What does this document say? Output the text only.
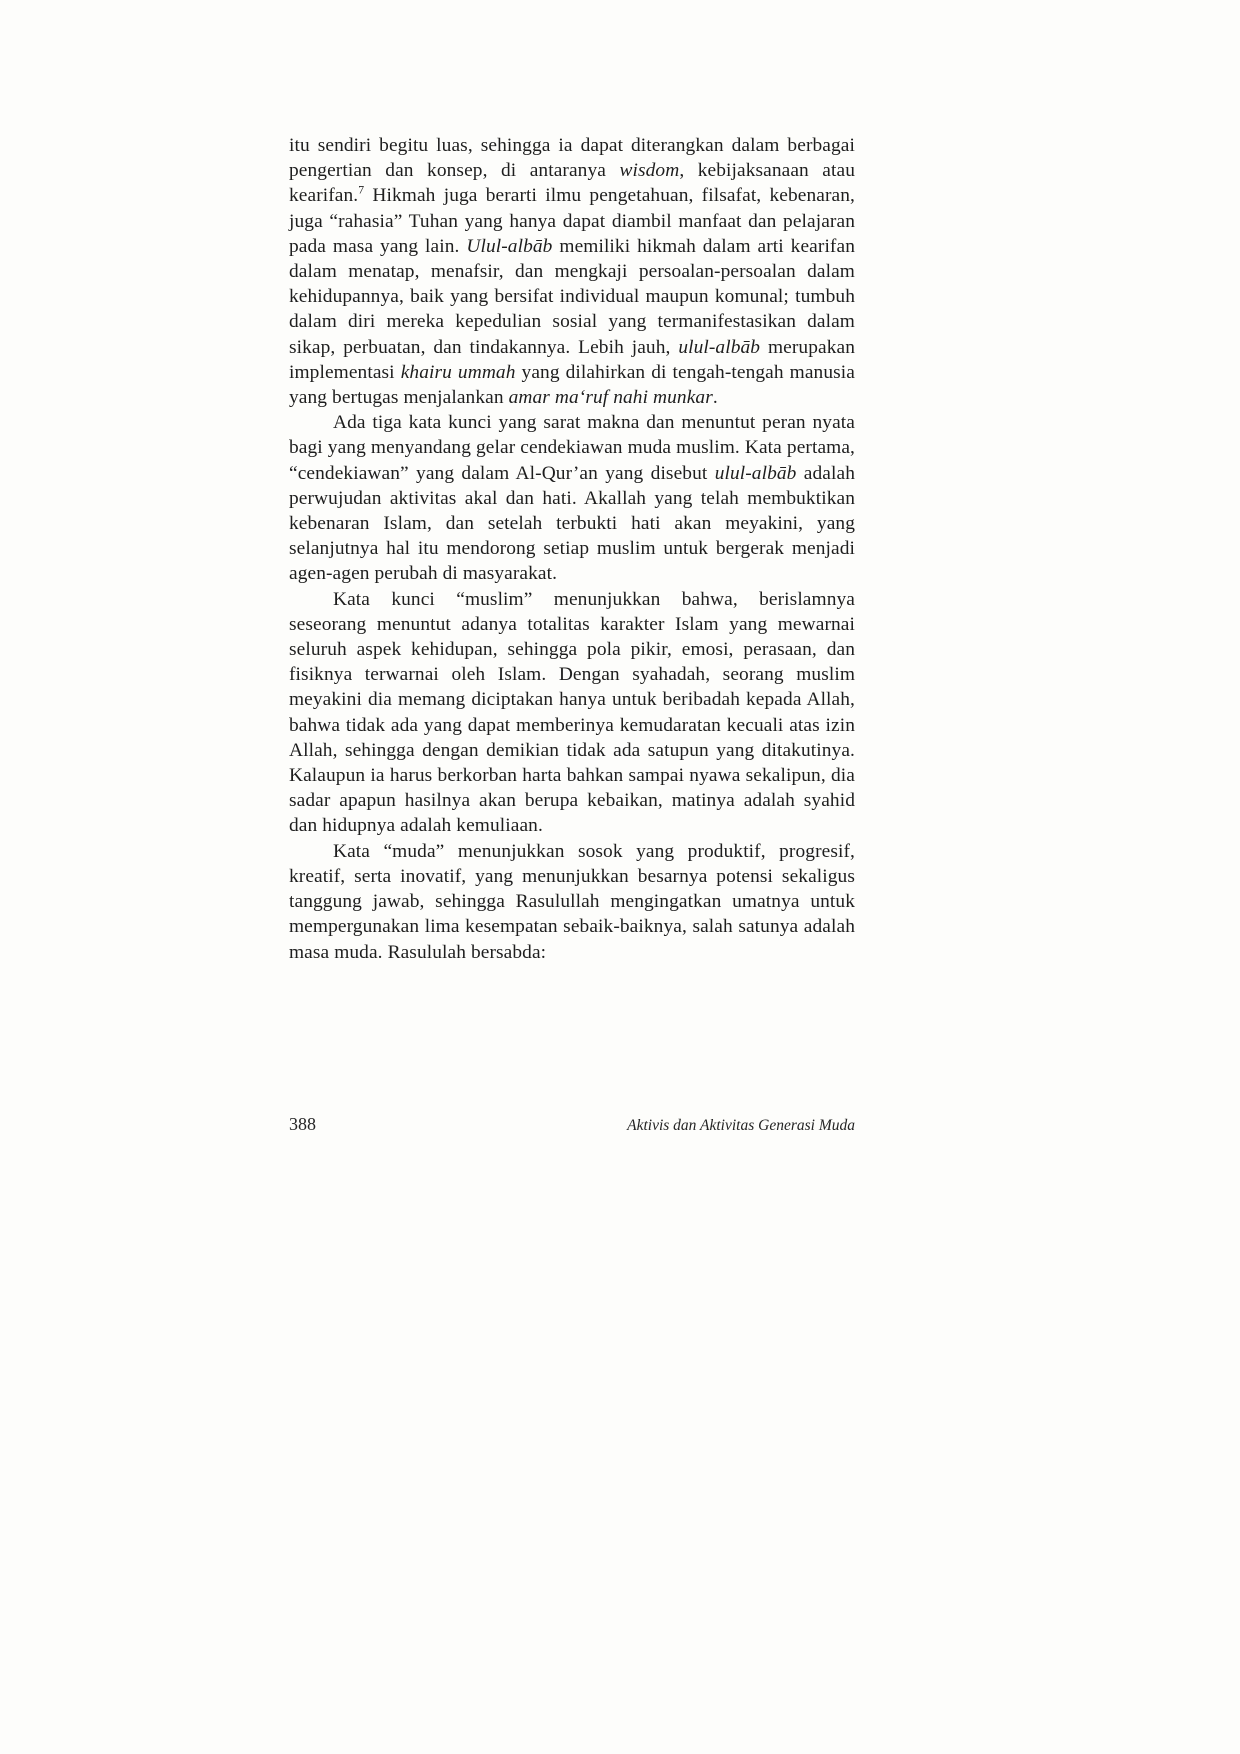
itu sendiri begitu luas, sehingga ia dapat diterangkan dalam berbagai pengertian dan konsep, di antaranya wisdom, kebijaksanaan atau kearifan.$^7$ Hikmah juga berarti ilmu pengetahuan, filsafat, kebenaran, juga “rahasia” Tuhan yang hanya dapat diambil manfaat dan pelajaran pada masa yang lain. Ulul-albāb memiliki hikmah dalam arti kearifan dalam menatap, menafsir, dan mengkaji persoalan-persoalan dalam kehidupannya, baik yang bersifat individual maupun komunal; tumbuh dalam diri mereka kepedulian sosial yang termanifestasikan dalam sikap, perbuatan, dan tindakannya. Lebih jauh, ulul-albāb merupakan implementasi khairu ummah yang dilahirkan di tengah-tengah manusia yang bertugas menjalankan amar ma‘ruf nahi munkar.

Ada tiga kata kunci yang sarat makna dan menuntut peran nyata bagi yang menyandang gelar cendekiawan muda muslim. Kata pertama, “cendekiawan” yang dalam Al-Qur’an yang disebut ulul-albāb adalah perwujudan aktivitas akal dan hati. Akallah yang telah membuktikan kebenaran Islam, dan setelah terbukti hati akan meyakini, yang selanjutnya hal itu mendorong setiap muslim untuk bergerak menjadi agen-agen perubah di masyarakat.

Kata kunci “muslim” menunjukkan bahwa, berislamnya seseorang menuntut adanya totalitas karakter Islam yang mewarnai seluruh aspek kehidupan, sehingga pola pikir, emosi, perasaan, dan fisiknya terwarnai oleh Islam. Dengan syahadah, seorang muslim meyakini dia memang diciptakan hanya untuk beribadah kepada Allah, bahwa tidak ada yang dapat memberinya kemudaratan kecuali atas izin Allah, sehingga dengan demikian tidak ada satupun yang ditakutinya. Kalaupun ia harus berkorban harta bahkan sampai nyawa sekalipun, dia sadar apapun hasilnya akan berupa kebaikan, matinya adalah syahid dan hidupnya adalah kemuliaan.

Kata “muda” menunjukkan sosok yang produktif, progresif, kreatif, serta inovatif, yang menunjukkan besarnya potensi sekaligus tanggung jawab, sehingga Rasulullah mengingatkan umatnya untuk mempergunakan lima kesempatan sebaik-baiknya, salah satunya adalah masa muda. Rasululah bersabda:

388	Aktivis dan Aktivitas Generasi Muda
